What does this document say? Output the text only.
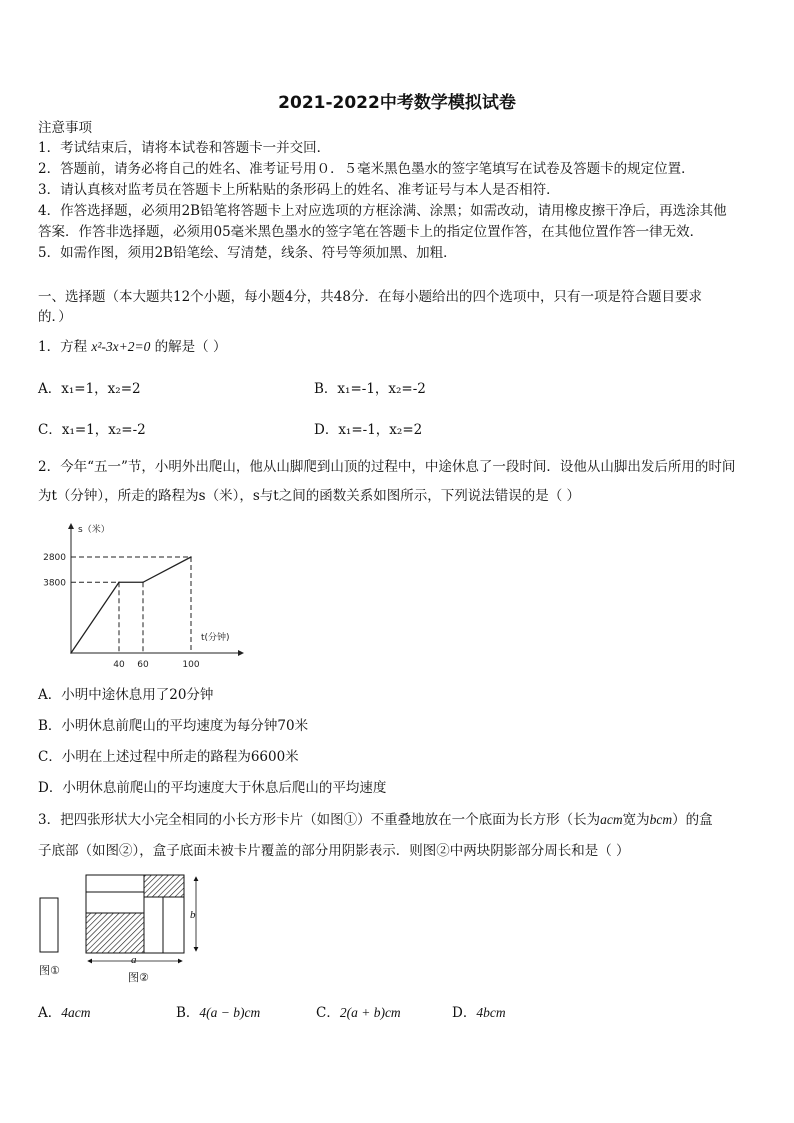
2021-2022中考数学模拟试卷
注意事项
1．考试结束后，请将本试卷和答题卡一并交回．
2．答题前，请务必将自己的姓名、准考证号用０．５毫米黑色墨水的签字笔填写在试卷及答题卡的规定位置．
3．请认真核对监考员在答题卡上所粘贴的条形码上的姓名、准考证号与本人是否相符．
4．作答选择题，必须用2B铅笔将答题卡上对应选项的方框涂满、涂黑；如需改动，请用橡皮擦干净后，再选涂其他
答案．作答非选择题，必须用05毫米黑色墨水的签字笔在答题卡上的指定位置作答，在其他位置作答一律无效．
5．如需作图，须用2B铅笔绘、写清楚，线条、符号等须加黑、加粗．
一、选择题（本大题共12个小题，每小题4分，共48分．在每小题给出的四个选项中，只有一项是符合题目要求
的．）
1．方程 x²-3x+2=0 的解是（ ）
A．x₁=1，x₂=2	B．x₁=-1，x₂=-2
C．x₁=1，x₂=-2	D．x₁=-1，x₂=2
2．今年“五一”节，小明外出爬山，他从山脚爬到山顶的过程中，中途休息了一段时间．设他从山脚出发后所用的时间
为t（分钟），所走的路程为s（米），s与t之间的函数关系如图所示，下列说法错误的是（ ）
s（米）
t(分钟)
3800
2800
40 60	100
A．小明中途休息用了20分钟
B．小明休息前爬山的平均速度为每分钟70米
C．小明在上述过程中所走的路程为6600米
D．小明休息前爬山的平均速度大于休息后爬山的平均速度
3．把四张形状大小完全相同的小长方形卡片（如图①）不重叠地放在一个底面为长方形（长为acm宽为bcm）的盒
子底部（如图②），盒子底面未被卡片覆盖的部分用阴影表示．则图②中两块阴影部分周长和是（ ）
图①
a
图②
b
A．4acm	B．4(a − b)cm	C．2(a + b)cm	D．4bcm
